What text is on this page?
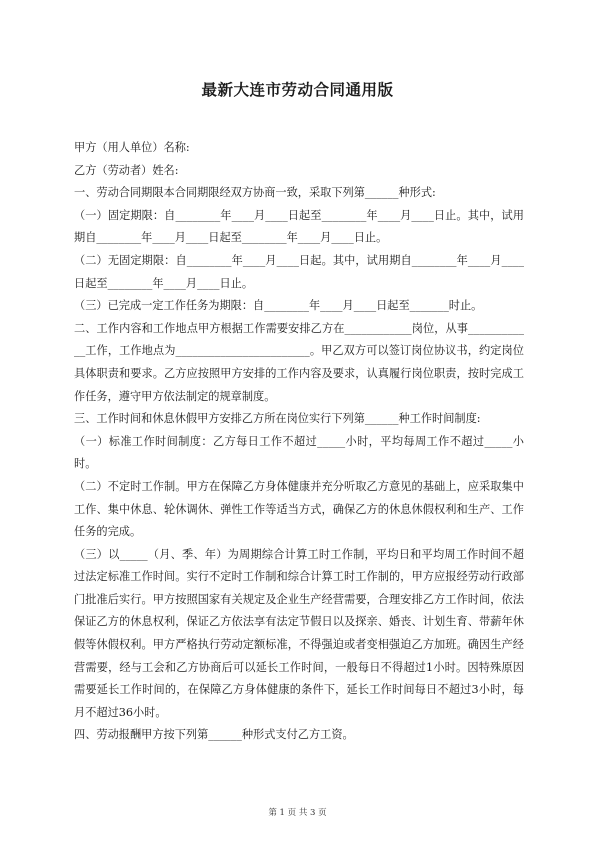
最新大连市劳动合同通用版

甲方（用人单位）名称:

乙方（劳动者）姓名:

一、劳动合同期限本合同期限经双方协商一致，采取下列第______种形式:

（一）固定期限：自________年____月____日起至________年____月____日止。其中，试用期自________年____月____日起至________年____月____日止。

（二）无固定期限：自________年____月____日起。其中，试用期自________年____月____日起至________年____月____日止。

（三）已完成一定工作任务为期限：自________年____月____日起至_______时止。

二、工作内容和工作地点甲方根据工作需要安排乙方在____________岗位，从事____________工作，工作地点为________________________。甲乙双方可以签订岗位协议书，约定岗位具体职责和要求。乙方应按照甲方安排的工作内容及要求，认真履行岗位职责，按时完成工作任务，遵守甲方依法制定的规章制度。

三、工作时间和休息休假甲方安排乙方所在岗位实行下列第______种工作时间制度:

（一）标准工作时间制度：乙方每日工作不超过_____小时，平均每周工作不超过_____小时。

（二）不定时工作制。甲方在保障乙方身体健康并充分听取乙方意见的基础上，应采取集中工作、集中休息、轮休调休、弹性工作等适当方式，确保乙方的休息休假权利和生产、工作任务的完成。

（三）以_____（月、季、年）为周期综合计算工时工作制，平均日和平均周工作时间不超过法定标准工作时间。实行不定时工作制和综合计算工时工作制的，甲方应报经劳动行政部门批准后实行。甲方按照国家有关规定及企业生产经营需要，合理安排乙方工作时间，依法保证乙方的休息权利，保证乙方依法享有法定节假日以及探亲、婚丧、计划生育、带薪年休假等休假权利。甲方严格执行劳动定额标准，不得强迫或者变相强迫乙方加班。确因生产经营需要，经与工会和乙方协商后可以延长工作时间，一般每日不得超过1小时。因特殊原因需要延长工作时间的，在保障乙方身体健康的条件下，延长工作时间每日不超过3小时，每月不超过36小时。

四、劳动报酬甲方按下列第______种形式支付乙方工资。

第 1 页 共 3 页
